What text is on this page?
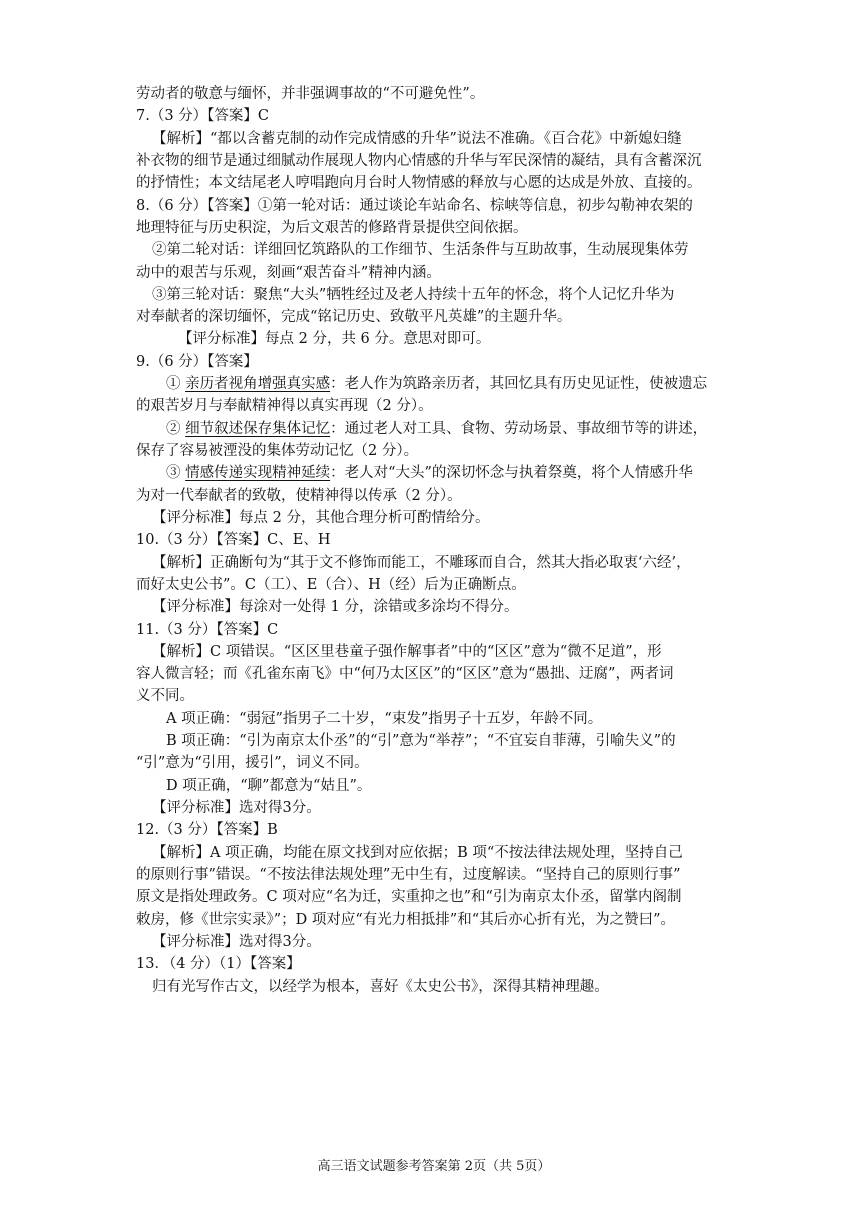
劳动者的敬意与缅怀，并非强调事故的“不可避免性”。
7.（3 分）【答案】C
【解析】“都以含蓄克制的动作完成情感的升华”说法不准确。《百合花》中新媳妇缝
补衣物的细节是通过细腻动作展现人物内心情感的升华与军民深情的凝结，具有含蓄深沉
的抒情性；本文结尾老人哼唱跑向月台时人物情感的释放与心愿的达成是外放、直接的。
8.（6 分）【答案】①第一轮对话：通过谈论车站命名、棕峡等信息，初步勾勒神农架的
地理特征与历史积淀，为后文艰苦的修路背景提供空间依据。
②第二轮对话：详细回忆筑路队的工作细节、生活条件与互助故事，生动展现集体劳
动中的艰苦与乐观，刻画“艰苦奋斗”精神内涵。
③第三轮对话：聚焦“大头”牺牲经过及老人持续十五年的怀念，将个人记忆升华为
对奉献者的深切缅怀，完成“铭记历史、致敬平凡英雄”的主题升华。
【评分标准】每点 2 分，共 6 分。意思对即可。
9.（6 分）【答案】
① 亲历者视角增强真实感：老人作为筑路亲历者，其回忆具有历史见证性，使被遗忘
的艰苦岁月与奉献精神得以真实再现（2 分）。
② 细节叙述保存集体记忆：通过老人对工具、食物、劳动场景、事故细节等的讲述，
保存了容易被湮没的集体劳动记忆（2 分）。
③ 情感传递实现精神延续：老人对“大头”的深切怀念与执着祭奠，将个人情感升华
为对一代奉献者的致敬，使精神得以传承（2 分）。
【评分标准】每点 2 分，其他合理分析可酌情给分。
10.（3 分）【答案】C、E、H
【解析】正确断句为“其于文不修饰而能工，不雕琢而自合，然其大指必取衷‘六经’，
而好太史公书”。C（工）、E（合）、H（经）后为正确断点。
【评分标准】每涂对一处得 1 分，涂错或多涂均不得分。
11.（3 分）【答案】C
【解析】C 项错误。“区区里巷童子强作解事者”中的“区区”意为“微不足道”，形
容人微言轻；而《孔雀东南飞》中“何乃太区区”的“区区”意为“愚拙、迂腐”，两者词
义不同。
A 项正确：“弱冠”指男子二十岁，“束发”指男子十五岁，年龄不同。
B 项正确：“引为南京太仆丞”的“引”意为“举荐”；“不宜妄自菲薄，引喻失义”的
“引”意为“引用，援引”，词义不同。
D 项正确，“聊”都意为“姑且”。
【评分标准】选对得3分。
12.（3 分）【答案】B
【解析】A 项正确，均能在原文找到对应依据；B 项“不按法律法规处理，坚持自己
的原则行事”错误。“不按法律法规处理”无中生有，过度解读。“坚持自己的原则行事”
原文是指处理政务。C 项对应“名为迁，实重抑之也”和“引为南京太仆丞，留掌内阁制
敕房，修《世宗实录》”；D 项对应“有光力相抵排”和“其后亦心折有光，为之赞曰”。
【评分标准】选对得3分。
13．（4 分）（1）【答案】
归有光写作古文，以经学为根本，喜好《太史公书》，深得其精神理趣。
高三语文试题参考答案第 2页（共 5页）
